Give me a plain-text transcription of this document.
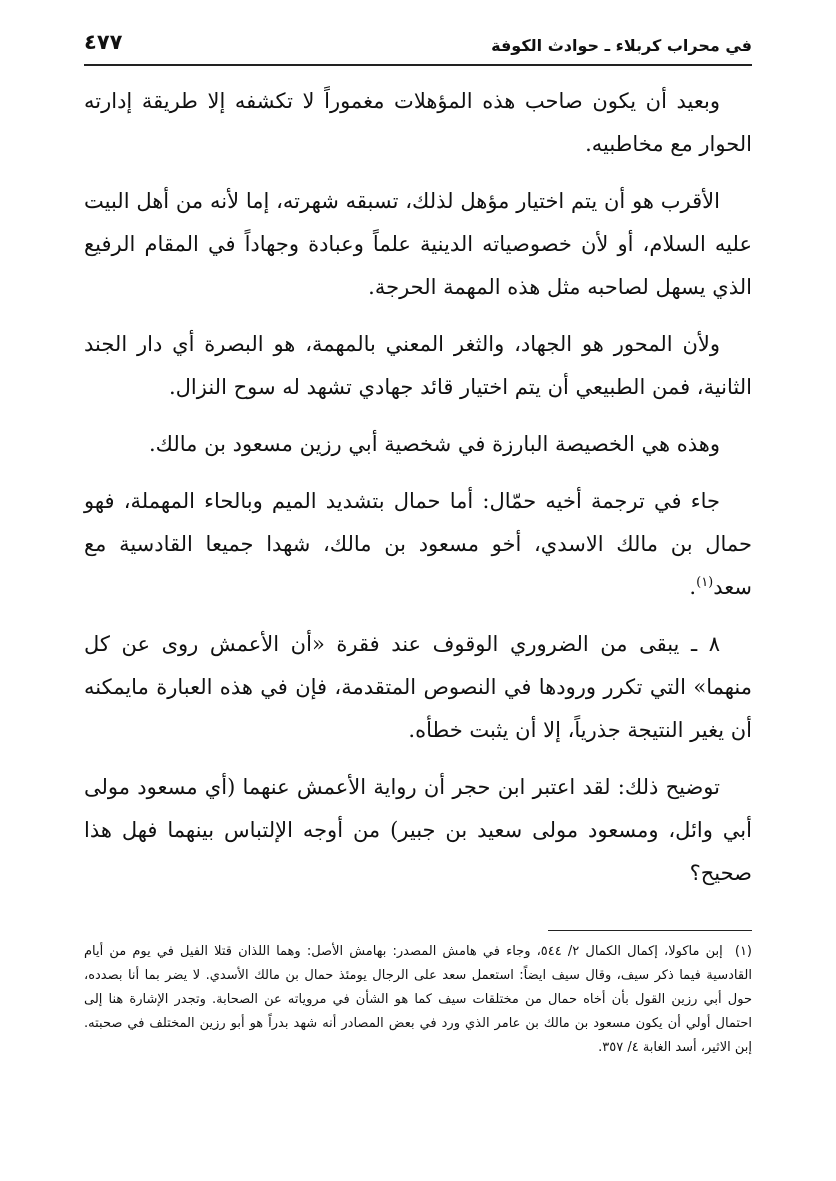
في محراب كربلاء ـ حوادث الكوفة
٤٧٧

وبعيد أن يكون صاحب هذه المؤهلات مغموراً لا تكشفه إلا طريقة إدارته الحوار مع مخاطبيه.

الأقرب هو أن يتم اختيار مؤهل لذلك، تسبقه شهرته، إما لأنه من أهل البيت عليه السلام، أو لأن خصوصياته الدينية علماً وعبادة وجهاداً في المقام الرفيع الذي يسهل لصاحبه مثل هذه المهمة الحرجة.

ولأن المحور هو الجهاد، والثغر المعني بالمهمة، هو البصرة أي دار الجند الثانية، فمن الطبيعي أن يتم اختيار قائد جهادي تشهد له سوح النزال.

وهذه هي الخصيصة البارزة في شخصية أبي رزين مسعود بن مالك.

جاء في ترجمة أخيه حمّال: أما حمال بتشديد الميم وبالحاء المهملة، فهو حمال بن مالك الاسدي، أخو مسعود بن مالك، شهدا جميعا القادسية مع سعد$^{(١)}$.

٨ ـ يبقى من الضروري الوقوف عند فقرة «أن الأعمش روى عن كل منهما» التي تكرر ورودها في النصوص المتقدمة، فإن في هذه العبارة مايمكنه أن يغير النتيجة جذرياً، إلا أن يثبت خطأه.

توضيح ذلك: لقد اعتبر ابن حجر أن رواية الأعمش عنهما (أي مسعود مولى أبي وائل، ومسعود مولى سعيد بن جبير) من أوجه الإلتباس بينهما فهل هذا صحيح؟

(١) إبن ماكولا، إكمال الكمال ٢/ ٥٤٤، وجاء في هامش المصدر: بهامش الأصل: وهما اللذان قتلا الفيل في يوم من أيام القادسية فيما ذكر سيف، وقال سيف ايضاً: استعمل سعد على الرجال يومئذ حمال بن مالك الأسدي. لا يضر بما أنا بصدده، حول أبي رزين القول بأن أخاه حمال من مختلقات سيف كما هو الشأن في مروياته عن الصحابة. وتجدر الإشارة هنا إلى احتمال أولي أن يكون مسعود بن مالك بن عامر الذي ورد في بعض المصادر أنه شهد بدراً هو أبو رزين المختلف في صحبته. إبن الاثير، أسد الغابة ٤/ ٣٥٧.
